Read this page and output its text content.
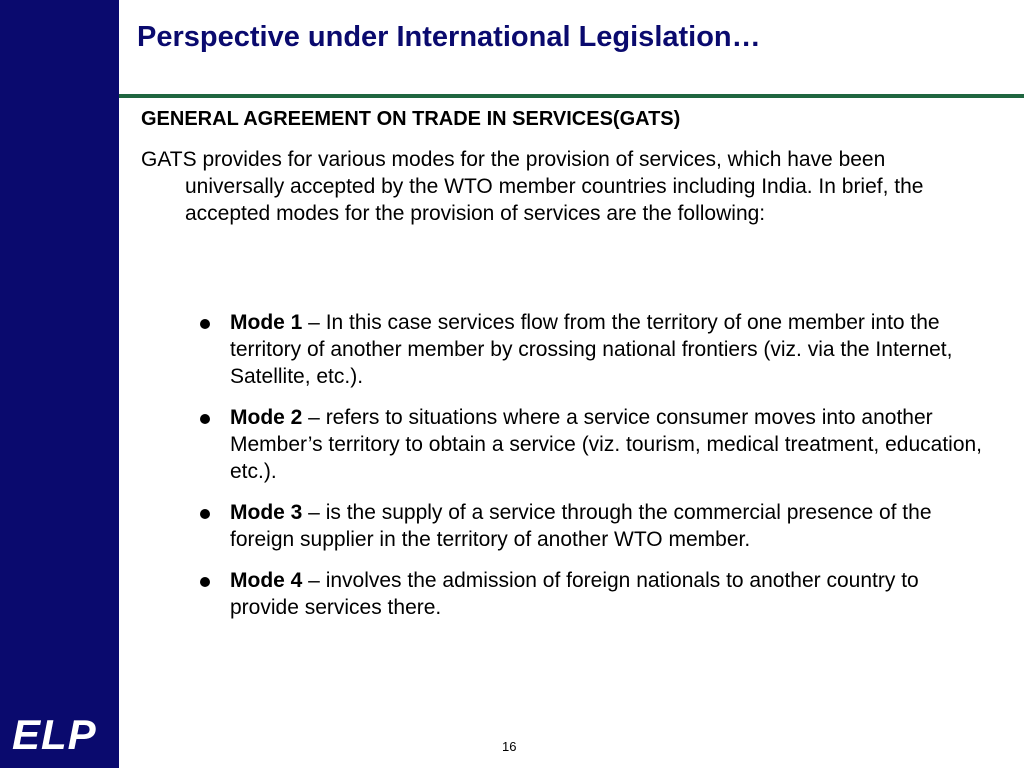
ELP
Perspective under International Legislation…
GENERAL AGREEMENT ON TRADE IN SERVICES(GATS)
GATS provides for various modes for the provision of services, which have been universally accepted by the WTO member countries including India. In brief, the accepted modes for the provision of services are the following:
Mode 1 – In this case services flow from the territory of one member into the territory of another member by crossing national frontiers (viz. via the Internet, Satellite, etc.).
Mode 2 – refers to situations where a service consumer moves into another Member’s territory to obtain a service (viz. tourism, medical treatment, education, etc.).
Mode 3 – is the supply of a service through the commercial presence of the foreign supplier in the territory of another WTO member.
Mode 4 – involves the admission of foreign nationals to another country to provide services there.
16
